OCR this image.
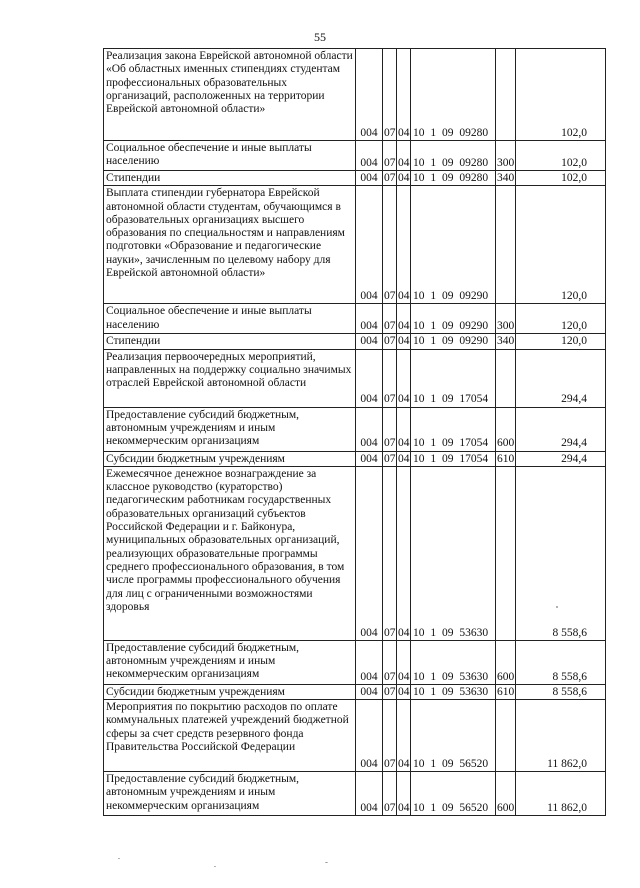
55
Реализация закона Еврейской автономной области «Об областных именных стипендиях студентам профессиональных образовательных организаций, расположенных на территории Еврейской автономной области»	004	07	04	10 1 09 09280		102,0
Социальное обеспечение и иные выплаты населению	004	07	04	10 1 09 09280	300	102,0
Стипендии	004	07	04	10 1 09 09280	340	102,0
Выплата стипендии губернатора Еврейской автономной области студентам, обучающимся в образовательных организациях высшего образования по специальностям и направлениям подготовки «Образование и педагогические науки», зачисленным по целевому набору для Еврейской автономной области»	004	07	04	10 1 09 09290		120,0
Социальное обеспечение и иные выплаты населению	004	07	04	10 1 09 09290	300	120,0
Стипендии	004	07	04	10 1 09 09290	340	120,0
Реализация первоочередных мероприятий, направленных на поддержку социально значимых отраслей Еврейской автономной области	004	07	04	10 1 09 17054		294,4
Предоставление субсидий бюджетным, автономным учреждениям и иным некоммерческим организациям	004	07	04	10 1 09 17054	600	294,4
Субсидии бюджетным учреждениям	004	07	04	10 1 09 17054	610	294,4
Ежемесячное денежное вознаграждение за классное руководство (кураторство) педагогическим работникам государственных образовательных организаций субъектов Российской Федерации и г. Байконура, муниципальных образовательных организаций, реализующих образовательные программы среднего профессионального образования, в том числе программы профессионального обучения для лиц с ограниченными возможностями здоровья	004	07	04	10 1 09 53630		8 558,6
Предоставление субсидий бюджетным, автономным учреждениям и иным некоммерческим организациям	004	07	04	10 1 09 53630	600	8 558,6
Субсидии бюджетным учреждениям	004	07	04	10 1 09 53630	610	8 558,6
Мероприятия по покрытию расходов по оплате коммунальных платежей учреждений бюджетной сферы за счет средств резервного фонда Правительства Российской Федерации	004	07	04	10 1 09 56520		11 862,0
Предоставление субсидий бюджетным, автономным учреждениям и иным некоммерческим организациям	004	07	04	10 1 09 56520	600	11 862,0
